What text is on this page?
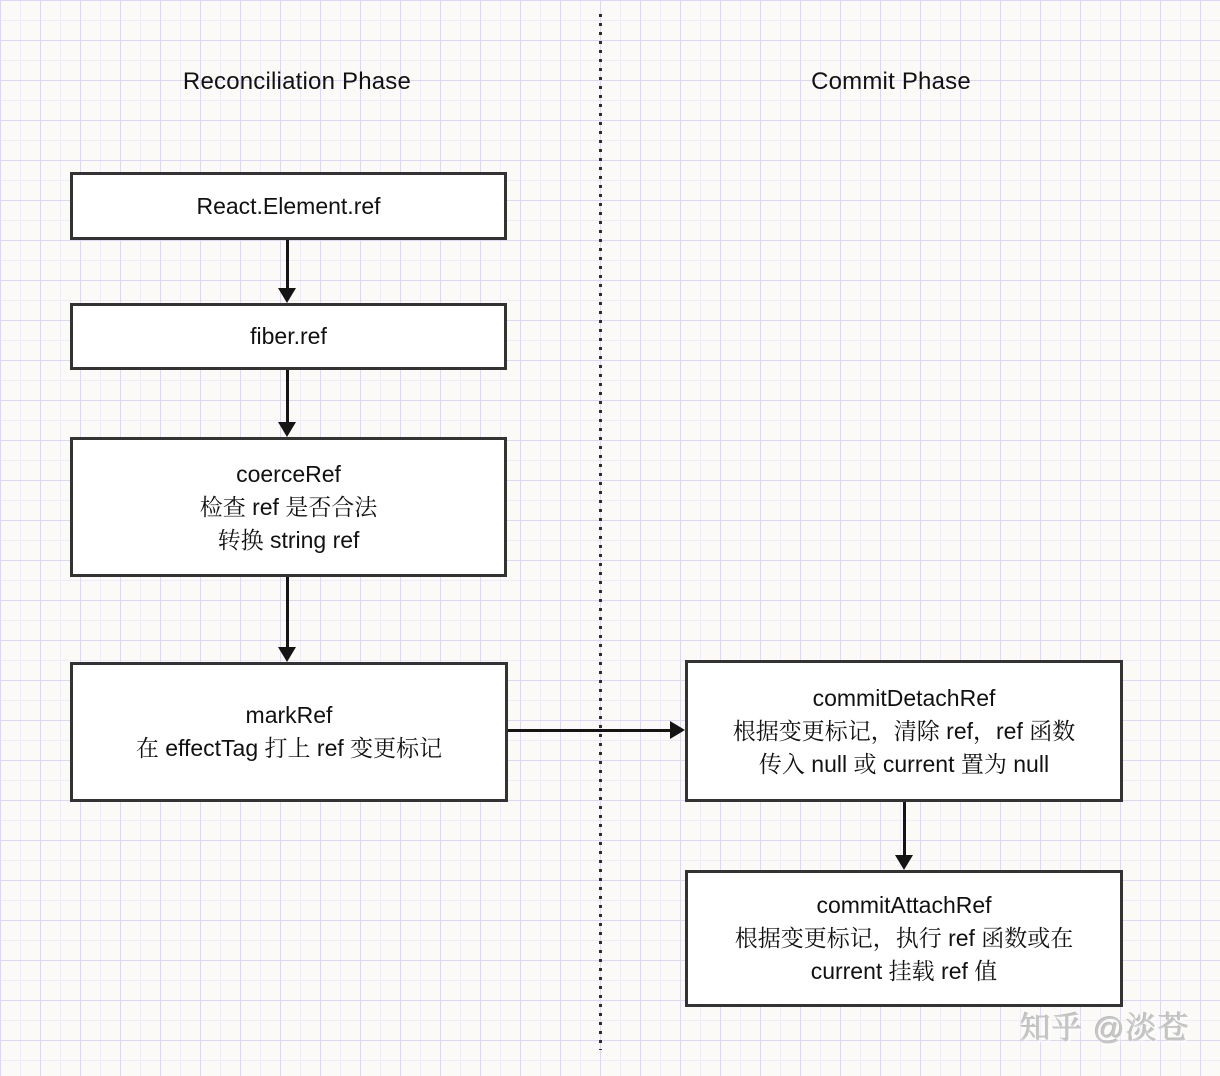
Reconciliation Phase	Commit Phase
React.Element.ref
fiber.ref
coerceRef
检查 ref 是否合法
转换 string ref
markRef
在 effectTag 打上 ref 变更标记
commitDetachRef
根据变更标记，清除 ref，ref 函数
传入 null 或 current 置为 null
commitAttachRef
根据变更标记，执行 ref 函数或在
current 挂载 ref 值
知乎 @淡苍
